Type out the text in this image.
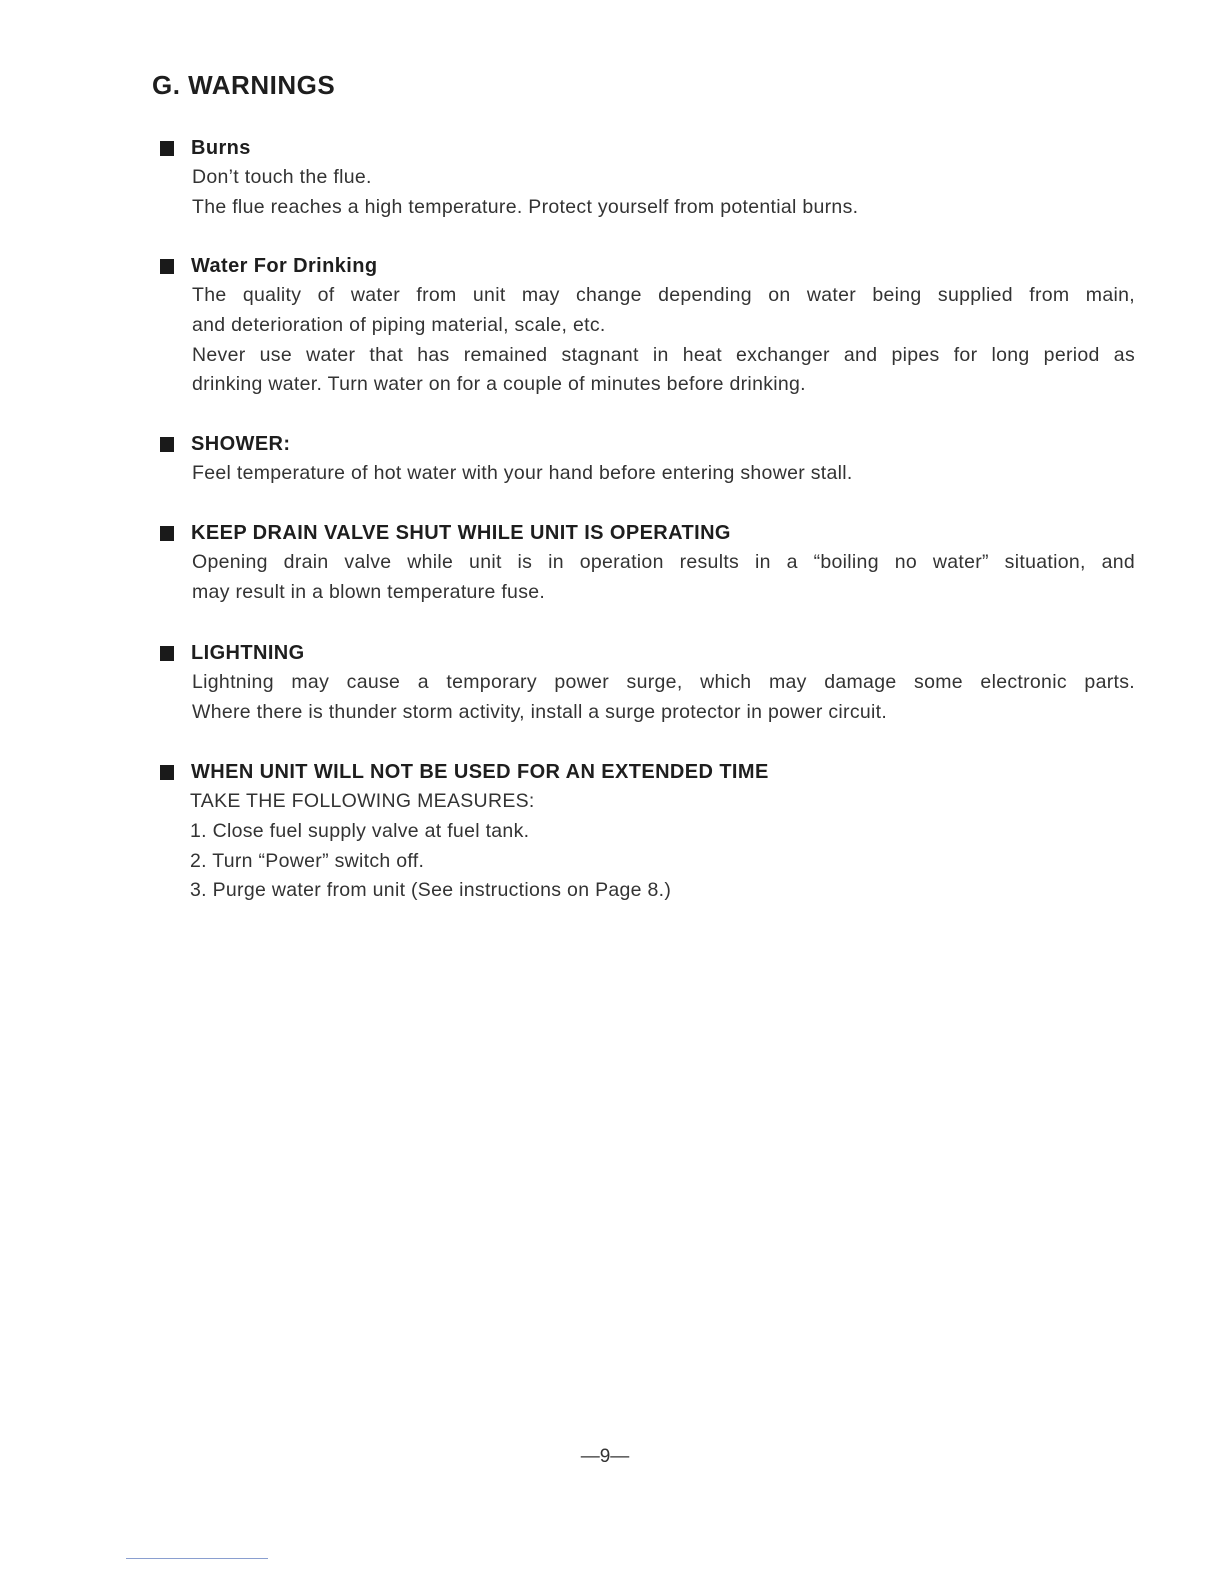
G. WARNINGS
Burns
Don’t touch the flue.
The flue reaches a high temperature. Protect yourself from potential burns.
Water For Drinking
The quality of water from unit may change depending on water being supplied from main,
and deterioration of piping material, scale, etc.
Never use water that has remained stagnant in heat exchanger and pipes for long period as
drinking water. Turn water on for a couple of minutes before drinking.
SHOWER:
Feel temperature of hot water with your hand before entering shower stall.
KEEP DRAIN VALVE SHUT WHILE UNIT IS OPERATING
Opening drain valve while unit is in operation results in a “boiling no water” situation, and
may result in a blown temperature fuse.
LIGHTNING
Lightning may cause a temporary power surge, which may damage some electronic parts.
Where there is thunder storm activity, install a surge protector in power circuit.
WHEN UNIT WILL NOT BE USED FOR AN EXTENDED TIME
TAKE THE FOLLOWING MEASURES:
1. Close fuel supply valve at fuel tank.
2. Turn “Power” switch off.
3. Purge water from unit (See instructions on Page 8.)
—9—
